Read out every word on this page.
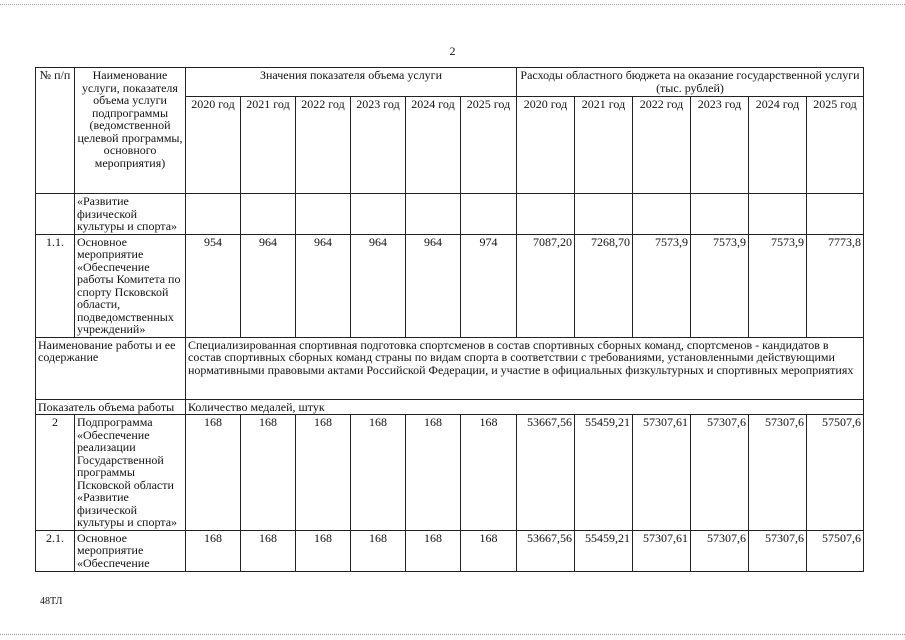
2
№ п/п	Наименование услуги, показателя объема услуги подпрограммы (ведомственной целевой программы, основного мероприятия)	Значения показателя объема услуги						Расходы областного бюджета на оказание государственной услуги (тыс. рублей)					
		2020 год	2021 год	2022 год	2023 год	2024 год	2025 год	2020 год	2021 год	2022 год	2023 год	2024 год	2025 год
	«Развитие физической культуры и спорта»												
1.1.	Основное мероприятие «Обеспечение работы Комитета по спорту Псковской области, подведомственных учреждений»	954	964	964	964	964	974	7087,20	7268,70	7573,9	7573,9	7573,9	7773,8
Наименование работы и ее содержание		Специализированная спортивная подготовка спортсменов в состав спортивных сборных команд, спортсменов - кандидатов в состав спортивных сборных команд страны по видам спорта в соответствии с требованиями, установленными действующими нормативными правовыми актами Российской Федерации, и участие в официальных физкультурных и спортивных мероприятиях											
Показатель объема работы		Количество медалей, штук											
2	Подпрограмма «Обеспечение реализации Государственной программы Псковской области «Развитие физической культуры и спорта»	168	168	168	168	168	168	53667,56	55459,21	57307,61	57307,6	57307,6	57507,6
2.1.	Основное мероприятие «Обеспечение	168	168	168	168	168	168	53667,56	55459,21	57307,61	57307,6	57307,6	57507,6
48ТЛ
